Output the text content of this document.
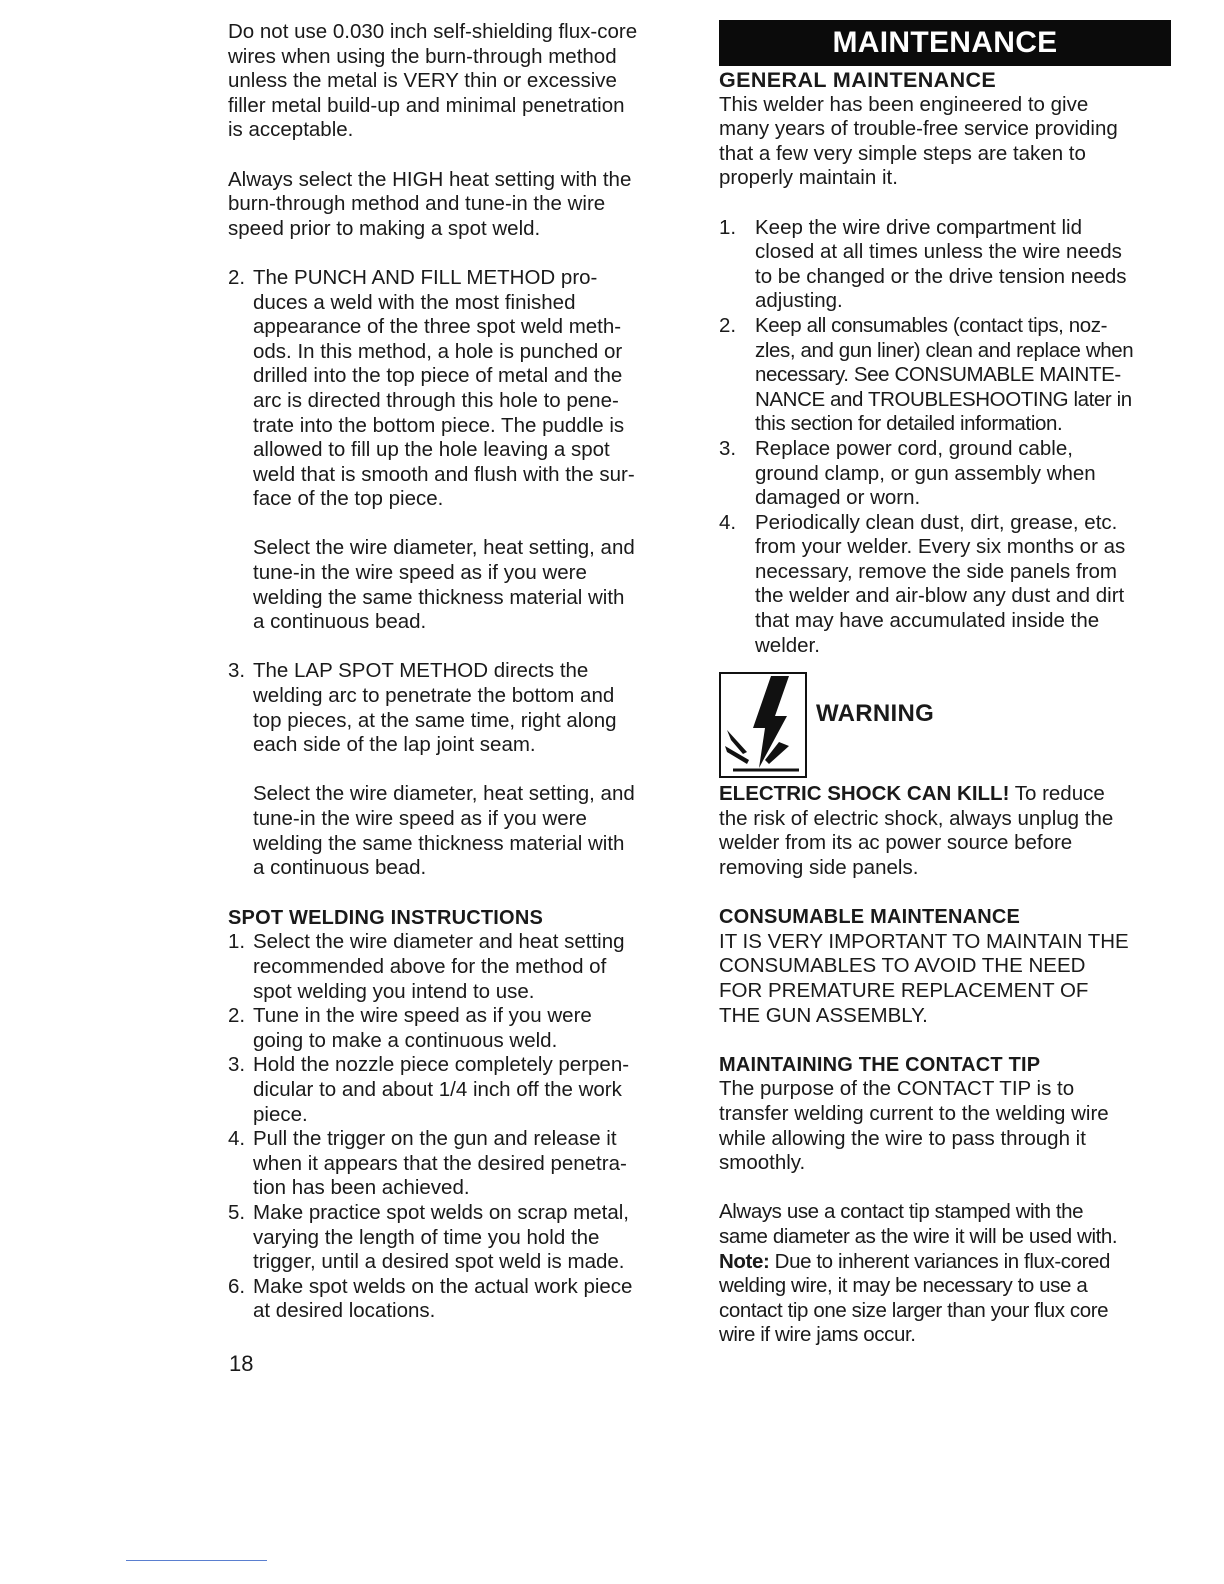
Do not use 0.030 inch self-shielding flux-core
wires when using the burn-through method
unless the metal is VERY thin or excessive
filler metal build-up and minimal penetration
is acceptable.

Always select the HIGH heat setting with the
burn-through method and tune-in the wire
speed prior to making a spot weld.

2. The PUNCH AND FILL METHOD pro-
duces a weld with the most finished
appearance of the three spot weld meth-
ods. In this method, a hole is punched or
drilled into the top piece of metal and the
arc is directed through this hole to pene-
trate into the bottom piece. The puddle is
allowed to fill up the hole leaving a spot
weld that is smooth and flush with the sur-
face of the top piece.

Select the wire diameter, heat setting, and
tune-in the wire speed as if you were
welding the same thickness material with
a continuous bead.

3. The LAP SPOT METHOD directs the
welding arc to penetrate the bottom and
top pieces, at the same time, right along
each side of the lap joint seam.

Select the wire diameter, heat setting, and
tune-in the wire speed as if you were
welding the same thickness material with
a continuous bead.

SPOT WELDING INSTRUCTIONS
1. Select the wire diameter and heat setting
recommended above for the method of
spot welding you intend to use.
2. Tune in the wire speed as if you were
going to make a continuous weld.
3. Hold the nozzle piece completely perpen-
dicular to and about 1/4 inch off the work
piece.
4. Pull the trigger on the gun and release it
when it appears that the desired penetra-
tion has been achieved.
5. Make practice spot welds on scrap metal,
varying the length of time you hold the
trigger, until a desired spot weld is made.
6. Make spot welds on the actual work piece
at desired locations.
18
MAINTENANCE
GENERAL MAINTENANCE

This welder has been engineered to give
many years of trouble-free service providing
that a few very simple steps are taken to
properly maintain it.

1. Keep the wire drive compartment lid
closed at all times unless the wire needs
to be changed or the drive tension needs
adjusting.
2. Keep all consumables (contact tips, noz-
zles, and gun liner) clean and replace when
necessary. See CONSUMABLE MAINTE-
NANCE and TROUBLESHOOTING later in
this section for detailed information.
3. Replace power cord, ground cable,
ground clamp, or gun assembly when
damaged or worn.
4. Periodically clean dust, dirt, grease, etc.
from your welder. Every six months or as
necessary, remove the side panels from
the welder and air-blow any dust and dirt
that may have accumulated inside the
welder.
WARNING

ELECTRIC SHOCK CAN KILL! To reduce
the risk of electric shock, always unplug the
welder from its ac power source before
removing side panels.

CONSUMABLE MAINTENANCE

IT IS VERY IMPORTANT TO MAINTAIN THE
CONSUMABLES TO AVOID THE NEED
FOR PREMATURE REPLACEMENT OF
THE GUN ASSEMBLY.

MAINTAINING THE CONTACT TIP

The purpose of the CONTACT TIP is to
transfer welding current to the welding wire
while allowing the wire to pass through it
smoothly.

Always use a contact tip stamped with the
same diameter as the wire it will be used with.
Note: Due to inherent variances in flux-cored
welding wire, it may be necessary to use a
contact tip one size larger than your flux core
wire if wire jams occur.
